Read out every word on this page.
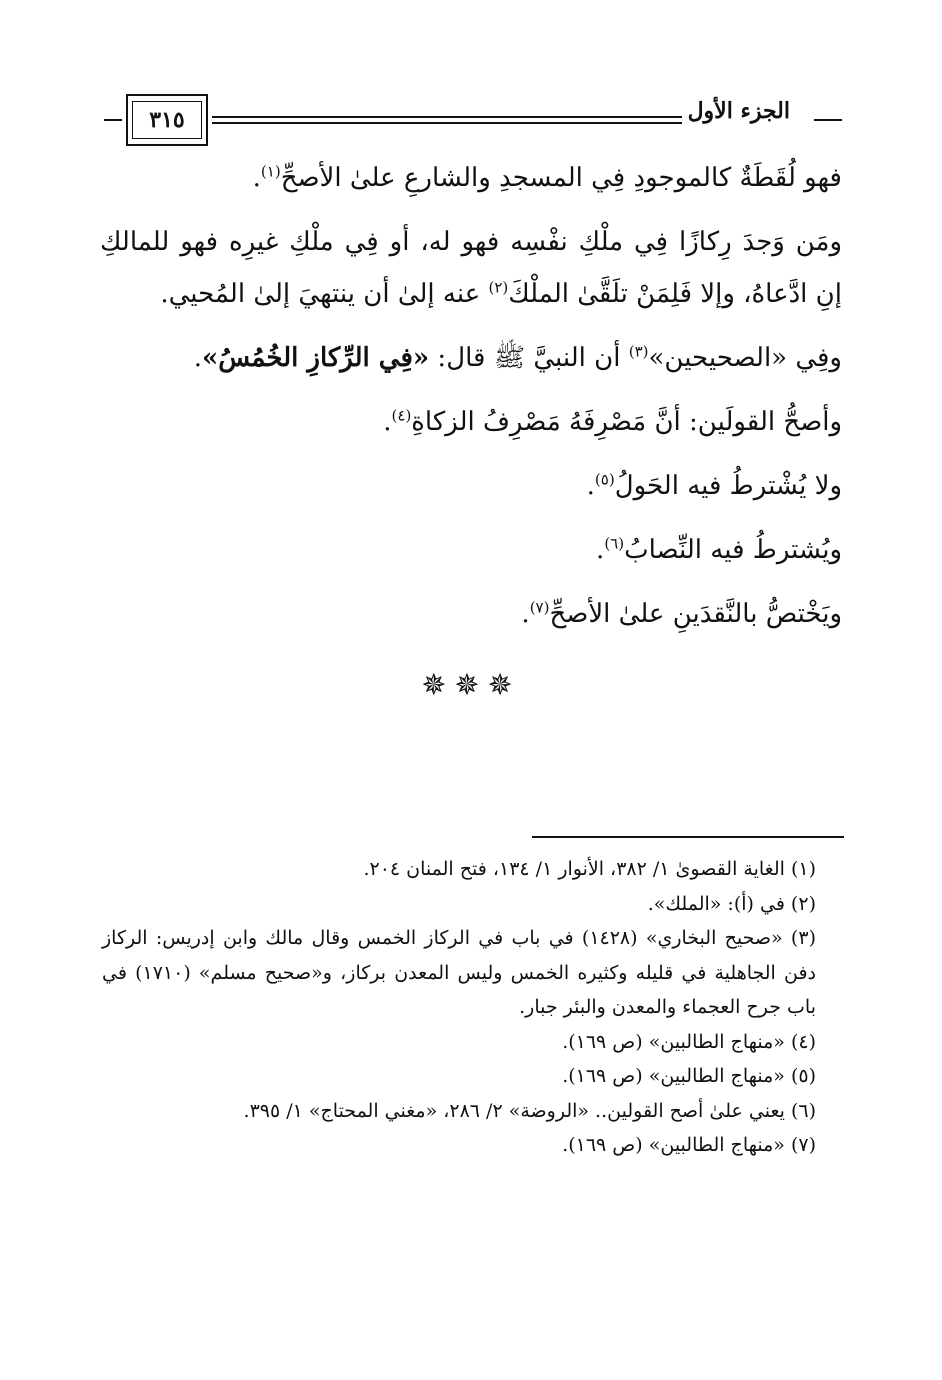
٣١٥	الجزء الأول

فهو لُقَطَةٌ كالموجودِ فِي المسجدِ والشارعِ علىٰ الأصحِّ$^{(١)}$.

ومَن وَجدَ رِكازًا فِي ملْكِ نفْسِه فهو له، أو فِي ملْكِ غيرِه فهو للمالكِ إنِ ادَّعاهُ، وإلا فَلِمَنْ تلَقَّىٰ الملْكَ$^{(٢)}$ عنه إلىٰ أن ينتهيَ إلىٰ المُحيي.

وفِي «الصحيحين»$^{(٣)}$ أن النبيَّ ﷺ قال: «فِي الرِّكازِ الخُمُسُ».

وأصحُّ القولَين: أنَّ مَصْرِفَهُ مَصْرِفُ الزكاةِ$^{(٤)}$.

ولا يُشْترطُ فيه الحَولُ$^{(٥)}$.

ويُشترطُ فيه النِّصابُ$^{(٦)}$.

ويَخْتصُّ بالنَّقدَينِ علىٰ الأصحِّ$^{(٧)}$.

✵✵✵

(١) الغاية القصوىٰ ١/ ٣٨٢، الأنوار ١/ ١٣٤، فتح المنان ٢٠٤.

(٢) في (أ): «الملك».

(٣) «صحيح البخاري» (١٤٢٨) في باب في الركاز الخمس وقال مالك وابن إدريس: الركاز دفن الجاهلية في قليله وكثيره الخمس وليس المعدن بركاز، و«صحيح مسلم» (١٧١٠) في باب جرح العجماء والمعدن والبئر جبار.

(٤) «منهاج الطالبين» (ص ١٦٩).

(٥) «منهاج الطالبين» (ص ١٦٩).

(٦) يعني علىٰ أصح القولين.. «الروضة» ٢/ ٢٨٦، «مغني المحتاج» ١/ ٣٩٥.

(٧) «منهاج الطالبين» (ص ١٦٩).
